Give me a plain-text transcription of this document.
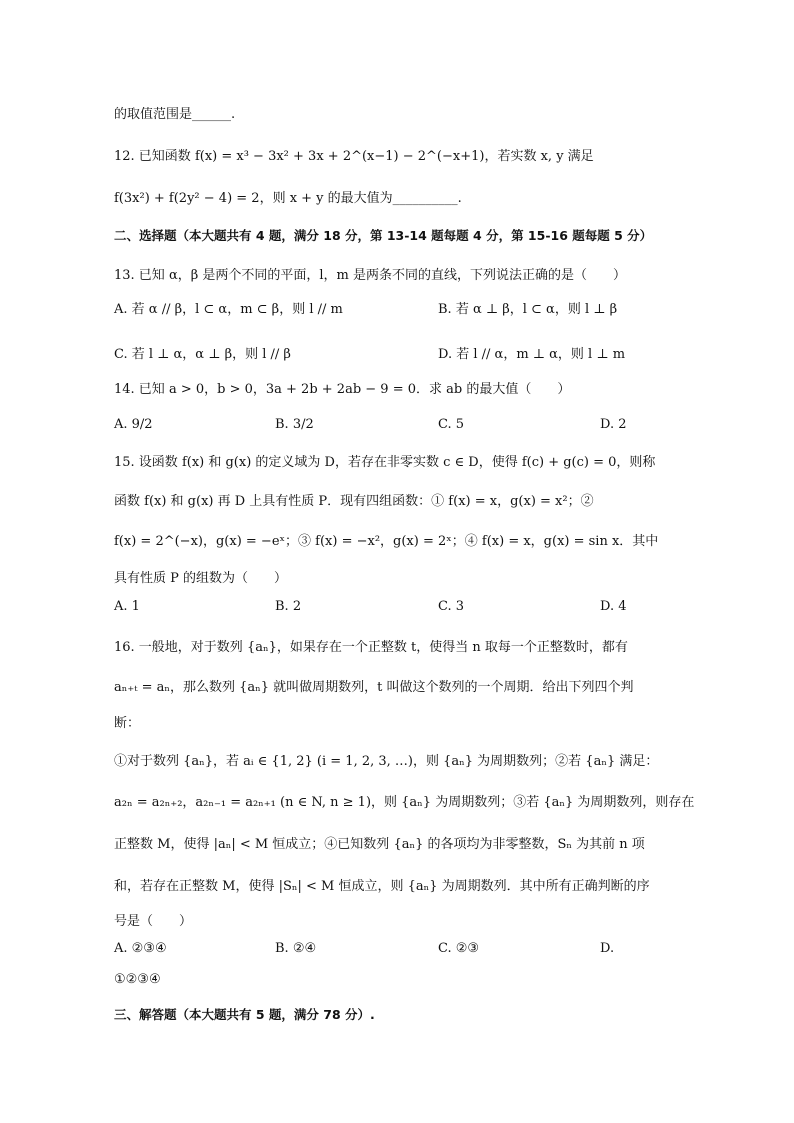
的取值范围是______.
12. 已知函数 f(x) = x³ − 3x² + 3x + 2^(x−1) − 2^(−x+1)，若实数 x, y 满足
f(3x²) + f(2y² − 4) = 2，则 x + y 的最大值为__________.
二、选择题（本大题共有 4 题，满分 18 分，第 13-14 题每题 4 分，第 15-16 题每题 5 分）
13. 已知 α，β 是两个不同的平面，l，m 是两条不同的直线，下列说法正确的是（　　）
A. 若 α // β，l ⊂ α，m ⊂ β，则 l // m	B. 若 α ⊥ β，l ⊂ α，则 l ⊥ β
C. 若 l ⊥ α，α ⊥ β，则 l // β	D. 若 l // α，m ⊥ α，则 l ⊥ m
14. 已知 a > 0，b > 0，3a + 2b + 2ab − 9 = 0．求 ab 的最大值（　　）
A. 9/2	B. 3/2	C. 5	D. 2
15. 设函数 f(x) 和 g(x) 的定义域为 D，若存在非零实数 c ∈ D，使得 f(c) + g(c) = 0，则称
函数 f(x) 和 g(x) 再 D 上具有性质 P．现有四组函数：① f(x) = x，g(x) = x²；②
f(x) = 2^(−x)，g(x) = −eˣ；③ f(x) = −x²，g(x) = 2ˣ；④ f(x) = x，g(x) = sin x．其中
具有性质 P 的组数为（　　）
A. 1	B. 2	C. 3	D. 4
16. 一般地，对于数列 {aₙ}，如果存在一个正整数 t，使得当 n 取每一个正整数时，都有
aₙ₊ₜ = aₙ，那么数列 {aₙ} 就叫做周期数列，t 叫做这个数列的一个周期．给出下列四个判
断：
①对于数列 {aₙ}，若 aᵢ ∈ {1, 2} (i = 1, 2, 3, …)，则 {aₙ} 为周期数列；②若 {aₙ} 满足：
a₂ₙ = a₂ₙ₊₂，a₂ₙ₋₁ = a₂ₙ₊₁ (n ∈ N, n ≥ 1)，则 {aₙ} 为周期数列；③若 {aₙ} 为周期数列，则存在
正整数 M，使得 |aₙ| < M 恒成立；④已知数列 {aₙ} 的各项均为非零整数，Sₙ 为其前 n 项
和，若存在正整数 M，使得 |Sₙ| < M 恒成立，则 {aₙ} 为周期数列．其中所有正确判断的序
号是（　　）
A. ②③④	B. ②④	C. ②③	D.
①②③④
三、解答题（本大题共有 5 题，满分 78 分）.
